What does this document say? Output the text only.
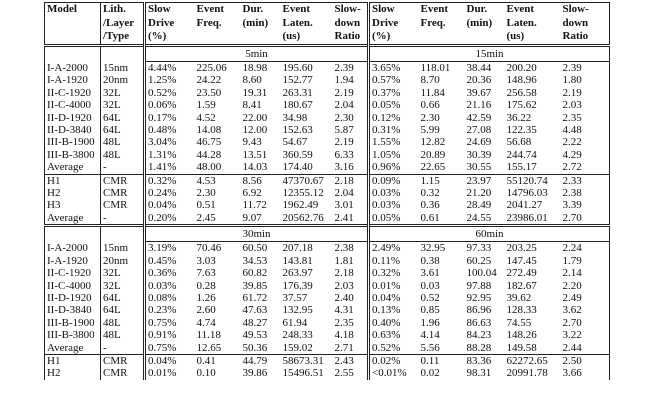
Model	Lith.	Slow	Event	Dur.	Event	Slow-	Slow	Event	Dur.	Event	Slow-
	/Layer	Drive	Freq.	(min)	Laten.	down	Drive	Freq.	(min)	Laten.	down
	/Type	(%)			(us)	Ratio	(%)			(us)	Ratio
		5min					15min				
I-A-2000	15nm	4.44%	225.06	18.98	195.60	2.39	3.65%	118.01	38.44	200.20	2.39
I-A-1920	20nm	1.25%	24.22	8.60	152.77	1.94	0.57%	8.70	20.36	148.96	1.80
II-C-1920	32L	0.52%	23.50	19.31	263.31	2.19	0.37%	11.84	39.67	256.58	2.19
II-C-4000	32L	0.06%	1.59	8.41	180.67	2.04	0.05%	0.66	21.16	175.62	2.03
II-D-1920	64L	0.17%	4.52	22.00	34.98	2.30	0.12%	2.30	42.59	36.22	2.35
II-D-3840	64L	0.48%	14.08	12.00	152.63	5.87	0.31%	5.99	27.08	122.35	4.48
III-B-1900	48L	3.04%	46.75	9.43	54.67	2.19	1.55%	12.82	24.69	56.68	2.22
III-B-3800	48L	1.31%	44.28	13.51	360.59	6.33	1.05%	20.89	30.39	244.74	4.29
Average	-	1.41%	48.00	14.03	174.40	3.16	0.96%	22.65	30.55	155.17	2.72
H1	CMR	0.32%	4.53	8.56	47370.67	2.18	0.09%	1.15	23.97	55120.74	2.33
H2	CMR	0.24%	2.30	6.92	12355.12	2.04	0.03%	0.32	21.20	14796.03	2.38
H3	CMR	0.04%	0.51	11.72	1962.49	3.01	0.03%	0.36	28.49	2041.27	3.39
Average	-	0.20%	2.45	9.07	20562.76	2.41	0.05%	0.61	24.55	23986.01	2.70
		30min					60min				
I-A-2000	15nm	3.19%	70.46	60.50	207.18	2.38	2.49%	32.95	97.33	203.25	2.24
I-A-1920	20nm	0.45%	3.03	34.53	143.81	1.81	0.11%	0.38	60.25	147.45	1.79
II-C-1920	32L	0.36%	7.63	60.82	263.97	2.18	0.32%	3.61	100.04	272.49	2.14
II-C-4000	32L	0.03%	0.28	39.85	176.39	2.03	0.01%	0.03	97.88	182.67	2.20
II-D-1920	64L	0.08%	1.26	61.72	37.57	2.40	0.04%	0.52	92.95	39.62	2.49
II-D-3840	64L	0.23%	2.60	47.63	132.95	4.31	0.13%	0.85	86.96	128.33	3.62
III-B-1900	48L	0.75%	4.74	48.27	61.94	2.35	0.40%	1.96	86.63	74.55	2.70
III-B-3800	48L	0.91%	11.18	49.53	248.33	4.18	0.63%	4.14	84.23	148.26	3.22
Average	-	0.75%	12.65	50.36	159.02	2.71	0.52%	5.56	88.28	149.58	2.44
H1	CMR	0.04%	0.41	44.79	58673.31	2.43	0.02%	0.11	83.36	62272.65	2.50
H2	CMR	0.01%	0.10	39.86	15496.51	2.55	<0.01%	0.02	98.31	20991.78	3.66
